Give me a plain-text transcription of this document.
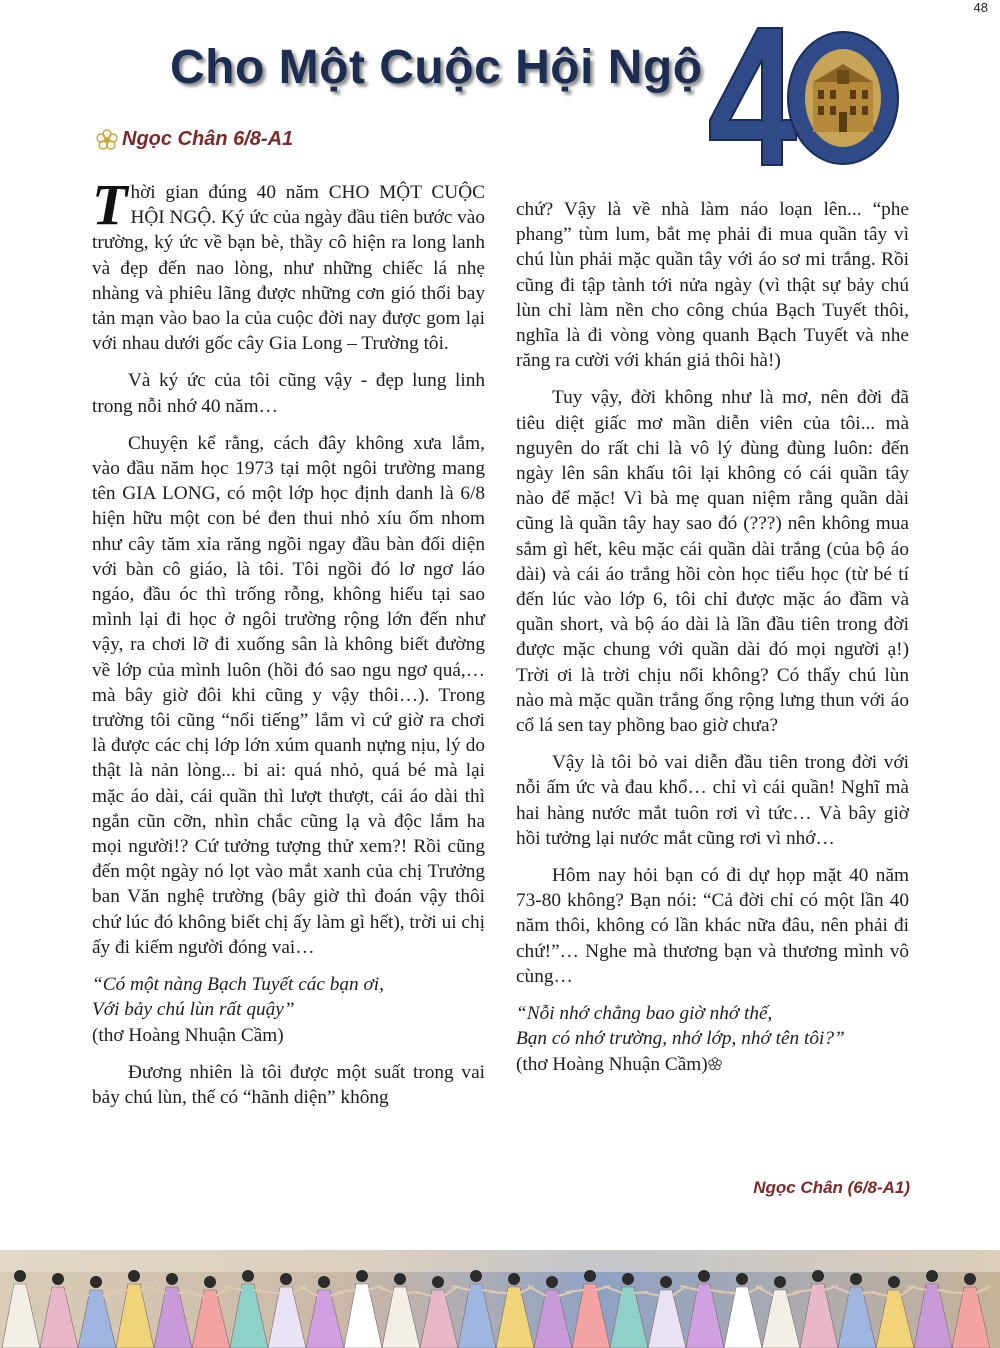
48
Cho Một Cuộc Hội Ngộ
40
Ngọc Chân 6/8-A1

Thời gian đúng 40 năm CHO MỘT CUỘC HỘI NGỘ. Ký ức của ngày đầu tiên bước vào trường, ký ức về bạn bè, thầy cô hiện ra long lanh và đẹp đến nao lòng, như những chiếc lá nhẹ nhàng và phiêu lãng được những cơn gió thổi bay tản mạn vào bao la của cuộc đời nay được gom lại với nhau dưới gốc cây Gia Long – Trường tôi.

Và ký ức của tôi cũng vậy - đẹp lung linh trong nỗi nhớ 40 năm…

Chuyện kể rằng, cách đây không xưa lắm, vào đầu năm học 1973 tại một ngôi trường mang tên GIA LONG, có một lớp học định danh là 6/8 hiện hữu một con bé đen thui nhỏ xíu ốm nhom như cây tăm xỉa răng ngồi ngay đầu bàn đối diện với bàn cô giáo, là tôi. Tôi ngồi đó lơ ngơ láo ngáo, đầu óc thì trống rỗng, không hiểu tại sao mình lại đi học ở ngôi trường rộng lớn đến như vậy, ra chơi lỡ đi xuống sân là không biết đường về lớp của mình luôn (hồi đó sao ngu ngơ quá,… mà bây giờ đôi khi cũng y vậy thôi…). Trong trường tôi cũng “nổi tiếng” lắm vì cứ giờ ra chơi là được các chị lớp lớn xúm quanh nựng nịu, lý do thật là nản lòng... bi ai: quá nhỏ, quá bé mà lại mặc áo dài, cái quần thì lượt thượt, cái áo dài thì ngắn cũn cỡn, nhìn chắc cũng lạ và độc lắm ha mọi người!? Cứ tưởng tượng thử xem?! Rồi cũng đến một ngày nó lọt vào mắt xanh của chị Trưởng ban Văn nghệ trường (bây giờ thì đoán vậy thôi chứ lúc đó không biết chị ấy làm gì hết), trời ui chị ấy đi kiếm người đóng vai…

“Có một nàng Bạch Tuyết các bạn ơi,
Với bảy chú lùn rất quậy”
(thơ Hoàng Nhuận Cầm)

Đương nhiên là tôi được một suất trong vai bảy chú lùn, thế có “hãnh diện” không

chứ? Vậy là về nhà làm náo loạn lên... “phe phang” tùm lum, bắt mẹ phải đi mua quần tây vì chú lùn phải mặc quần tây với áo sơ mi trắng. Rồi cũng đi tập tành tới nửa ngày (vì thật sự bảy chú lùn chỉ làm nền cho công chúa Bạch Tuyết thôi, nghĩa là đi vòng vòng quanh Bạch Tuyết và nhe răng ra cười với khán giả thôi hà!)

Tuy vậy, đời không như là mơ, nên đời đã tiêu diệt giấc mơ mần diễn viên của tôi... mà nguyên do rất chi là vô lý đùng đùng luôn: đến ngày lên sân khấu tôi lại không có cái quần tây nào để mặc! Vì bà mẹ quan niệm rằng quần dài cũng là quần tây hay sao đó (???) nên không mua sắm gì hết, kêu mặc cái quần dài trắng (của bộ áo dài) và cái áo trắng hồi còn học tiểu học (từ bé tí đến lúc vào lớp 6, tôi chỉ được mặc áo đầm và quần short, và bộ áo dài là lần đầu tiên trong đời được mặc chung với quần dài đó mọi người ạ!) Trời ơi là trời chịu nổi không? Có thấy chú lùn nào mà mặc quần trắng ống rộng lưng thun với áo cổ lá sen tay phồng bao giờ chưa?

Vậy là tôi bỏ vai diễn đầu tiên trong đời với nỗi ấm ức và đau khổ… chỉ vì cái quần! Nghĩ mà hai hàng nước mắt tuôn rơi vì tức… Và bây giờ hồi tưởng lại nước mắt cũng rơi vì nhớ…

Hôm nay hỏi bạn có đi dự họp mặt 40 năm 73-80 không? Bạn nói: “Cả đời chỉ có một lần 40 năm thôi, không có lần khác nữa đâu, nên phải đi chứ!”… Nghe mà thương bạn và thương mình vô cùng…

“Nỗi nhớ chẳng bao giờ nhớ thế,
Bạn có nhớ trường, nhớ lớp, nhớ tên tôi?”
(thơ Hoàng Nhuận Cầm)
Ngọc Chân (6/8-A1)
